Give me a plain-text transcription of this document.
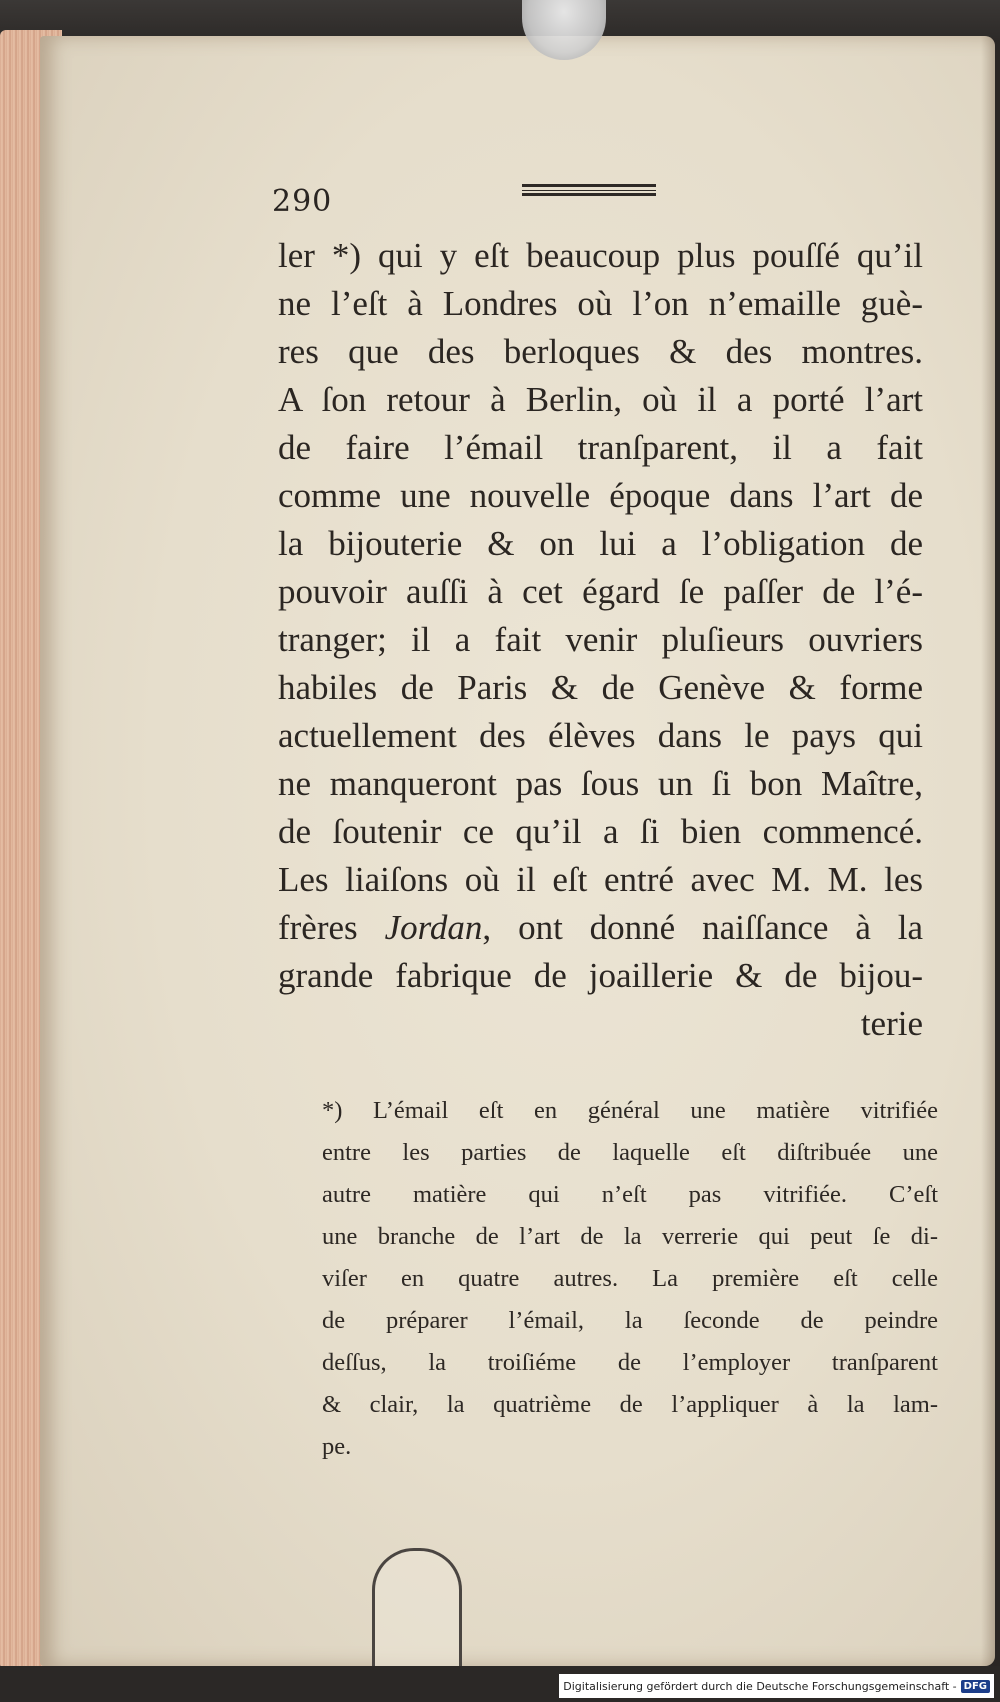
290
ler *) qui y eſt beaucoup plus pouſſé qu’il
ne l’eſt à Londres où l’on n’emaille guè-
res que des berloques & des montres.
A ſon retour à Berlin, où il a porté l’art
de faire l’émail tranſparent, il a fait
comme une nouvelle époque dans l’art de
la bijouterie & on lui a l’obligation de
pouvoir auſſi à cet égard ſe paſſer de l’é-
tranger; il a fait venir pluſieurs ouvriers
habiles de Paris & de Genève & forme
actuellement des élèves dans le pays qui
ne manqueront pas ſous un ſi bon Maître,
de ſoutenir ce qu’il a ſi bien commencé.
Les liaiſons où il eſt entré avec M. M. les
frères Jordan, ont donné naiſſance à la
grande fabrique de joaillerie & de bijou-
terie
*) L’émail eſt en général une matière vitrifiée
entre les parties de laquelle eſt diſtribuée une
autre matière qui n’eſt pas vitrifiée. C’eſt
une branche de l’art de la verrerie qui peut ſe di-
viſer en quatre autres. La première eſt celle
de préparer l’émail, la ſeconde de peindre
deſſus, la troiſiéme de l’employer tranſparent
& clair, la quatrième de l’appliquer à la lam-
pe.
Digitalisierung gefördert durch die Deutsche Forschungsgemeinschaft - DFG
